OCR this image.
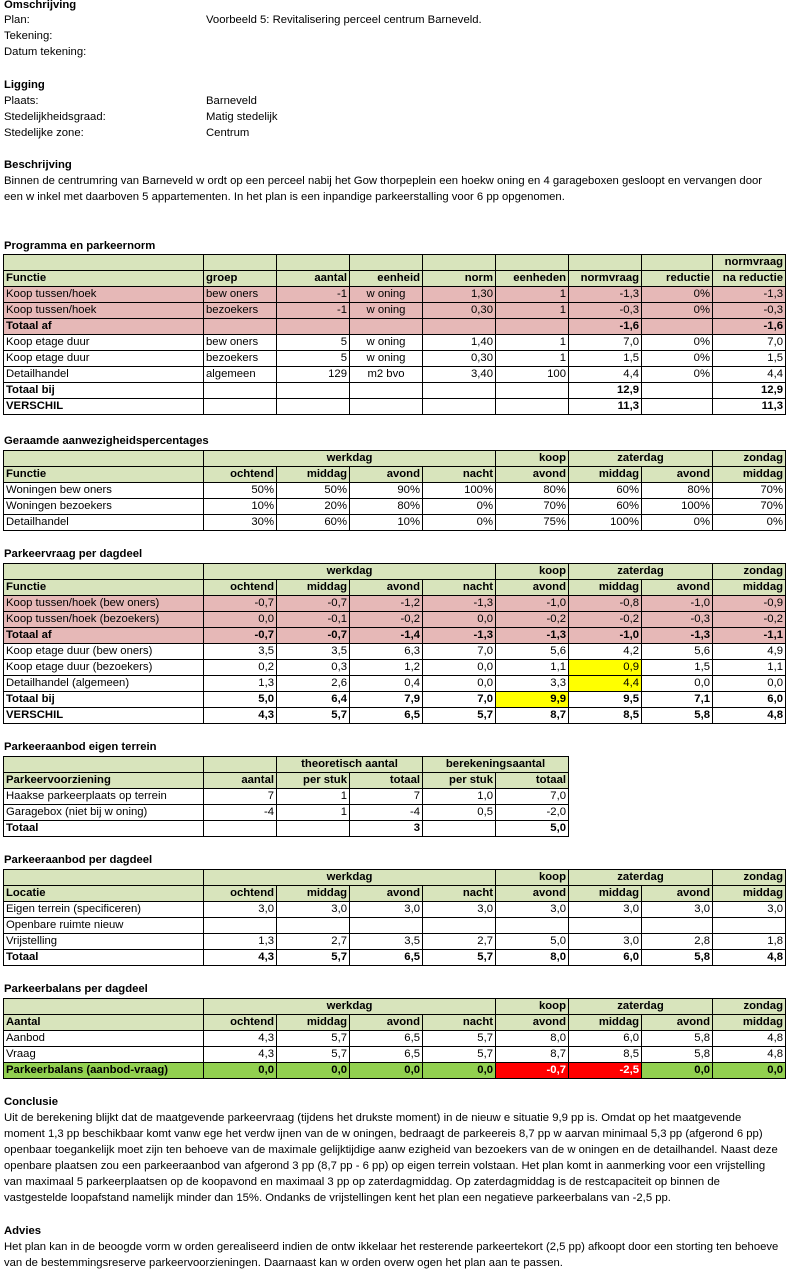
Omschrijving
Plan:	Voorbeeld 5: Revitalisering perceel centrum Barneveld.
Tekening:
Datum tekening:
Ligging
Plaats:	Barneveld
Stedelijkheidsgraad:	Matig stedelijk
Stedelijke zone:	Centrum
Beschrijving
Binnen de centrumring van Barneveld w ordt op een perceel nabij het Gow thorpeplein een hoekw oning en 4 garageboxen gesloopt en vervangen door een w inkel met daarboven 5 appartementen. In het plan is een inpandige parkeerstalling voor 6 pp opgenomen.
Programma en parkeernorm
								normvraag
Functie	groep	aantal	eenheid	norm	eenheden	normvraag	reductie	na reductie
Koop tussen/hoek	bew oners	-1	w oning	1,30	1	-1,3	0%	-1,3
Koop tussen/hoek	bezoekers	-1	w oning	0,30	1	-0,3	0%	-0,3
Totaal af						-1,6		-1,6
Koop etage duur	bew oners	5	w oning	1,40	1	7,0	0%	7,0
Koop etage duur	bezoekers	5	w oning	0,30	1	1,5	0%	1,5
Detailhandel	algemeen	129	m2 bvo	3,40	100	4,4	0%	4,4
Totaal bij						12,9		12,9
VERSCHIL						11,3		11,3
Geraamde aanwezigheidspercentages
	werkdag				koop	zaterdag		zondag
Functie	ochtend	middag	avond	nacht	avond	middag	avond	middag
Woningen bew oners	50%	50%	90%	100%	80%	60%	80%	70%
Woningen bezoekers	10%	20%	80%	0%	70%	60%	100%	70%
Detailhandel	30%	60%	10%	0%	75%	100%	0%	0%
Parkeervraag per dagdeel
	werkdag				koop	zaterdag		zondag
Functie	ochtend	middag	avond	nacht	avond	middag	avond	middag
Koop tussen/hoek (bew oners)	-0,7	-0,7	-1,2	-1,3	-1,0	-0,8	-1,0	-0,9
Koop tussen/hoek (bezoekers)	0,0	-0,1	-0,2	0,0	-0,2	-0,2	-0,3	-0,2
Totaal af	-0,7	-0,7	-1,4	-1,3	-1,3	-1,0	-1,3	-1,1
Koop etage duur (bew oners)	3,5	3,5	6,3	7,0	5,6	4,2	5,6	4,9
Koop etage duur (bezoekers)	0,2	0,3	1,2	0,0	1,1	0,9	1,5	1,1
Detailhandel (algemeen)	1,3	2,6	0,4	0,0	3,3	4,4	0,0	0,0
Totaal bij	5,0	6,4	7,9	7,0	9,9	9,5	7,1	6,0
VERSCHIL	4,3	5,7	6,5	5,7	8,7	8,5	5,8	4,8
Parkeeraanbod eigen terrein
		theoretisch aantal		berekeningsaantal	
Parkeervoorziening	aantal	per stuk	totaal	per stuk	totaal
Haakse parkeerplaats op terrein	7	1	7	1,0	7,0
Garagebox (niet bij w oning)	-4	1	-4	0,5	-2,0
Totaal			3		5,0
Parkeeraanbod per dagdeel
	werkdag				koop	zaterdag		zondag
Locatie	ochtend	middag	avond	nacht	avond	middag	avond	middag
Eigen terrein (specificeren)	3,0	3,0	3,0	3,0	3,0	3,0	3,0	3,0
Openbare ruimte nieuw								
Vrijstelling	1,3	2,7	3,5	2,7	5,0	3,0	2,8	1,8
Totaal	4,3	5,7	6,5	5,7	8,0	6,0	5,8	4,8
Parkeerbalans per dagdeel
	werkdag				koop	zaterdag		zondag
Aantal	ochtend	middag	avond	nacht	avond	middag	avond	middag
Aanbod	4,3	5,7	6,5	5,7	8,0	6,0	5,8	4,8
Vraag	4,3	5,7	6,5	5,7	8,7	8,5	5,8	4,8
Parkeerbalans (aanbod-vraag)	0,0	0,0	0,0	0,0	-0,7	-2,5	0,0	0,0
Conclusie
Uit de berekening blijkt dat de maatgevende parkeervraag (tijdens het drukste moment) in de nieuw e situatie 9,9 pp is. Omdat op het maatgevende moment 1,3 pp beschikbaar komt vanw ege het verdw ijnen van de w oningen, bedraagt de parkeereis 8,7 pp w aarvan minimaal 5,3 pp (afgerond 6 pp) openbaar toegankelijk moet zijn ten behoeve van de maximale gelijktijdige aanw ezigheid van bezoekers van de w oningen en de detailhandel. Naast deze openbare plaatsen zou een parkeeraanbod van afgerond 3 pp (8,7 pp - 6 pp) op eigen terrein volstaan. Het plan komt in aanmerking voor een vrijstelling van maximaal 5 parkeerplaatsen op de koopavond en maximaal 3 pp op zaterdagmiddag. Op zaterdagmiddag is de restcapaciteit op binnen de vastgestelde loopafstand namelijk minder dan 15%. Ondanks de vrijstellingen kent het plan een negatieve parkeerbalans van -2,5 pp.
Advies
Het plan kan in de beoogde vorm w orden gerealiseerd indien de ontw ikkelaar het resterende parkeertekort (2,5 pp) afkoopt door een storting ten behoeve van de bestemmingsreserve parkeervoorzieningen. Daarnaast kan w orden overw ogen het plan aan te passen.
